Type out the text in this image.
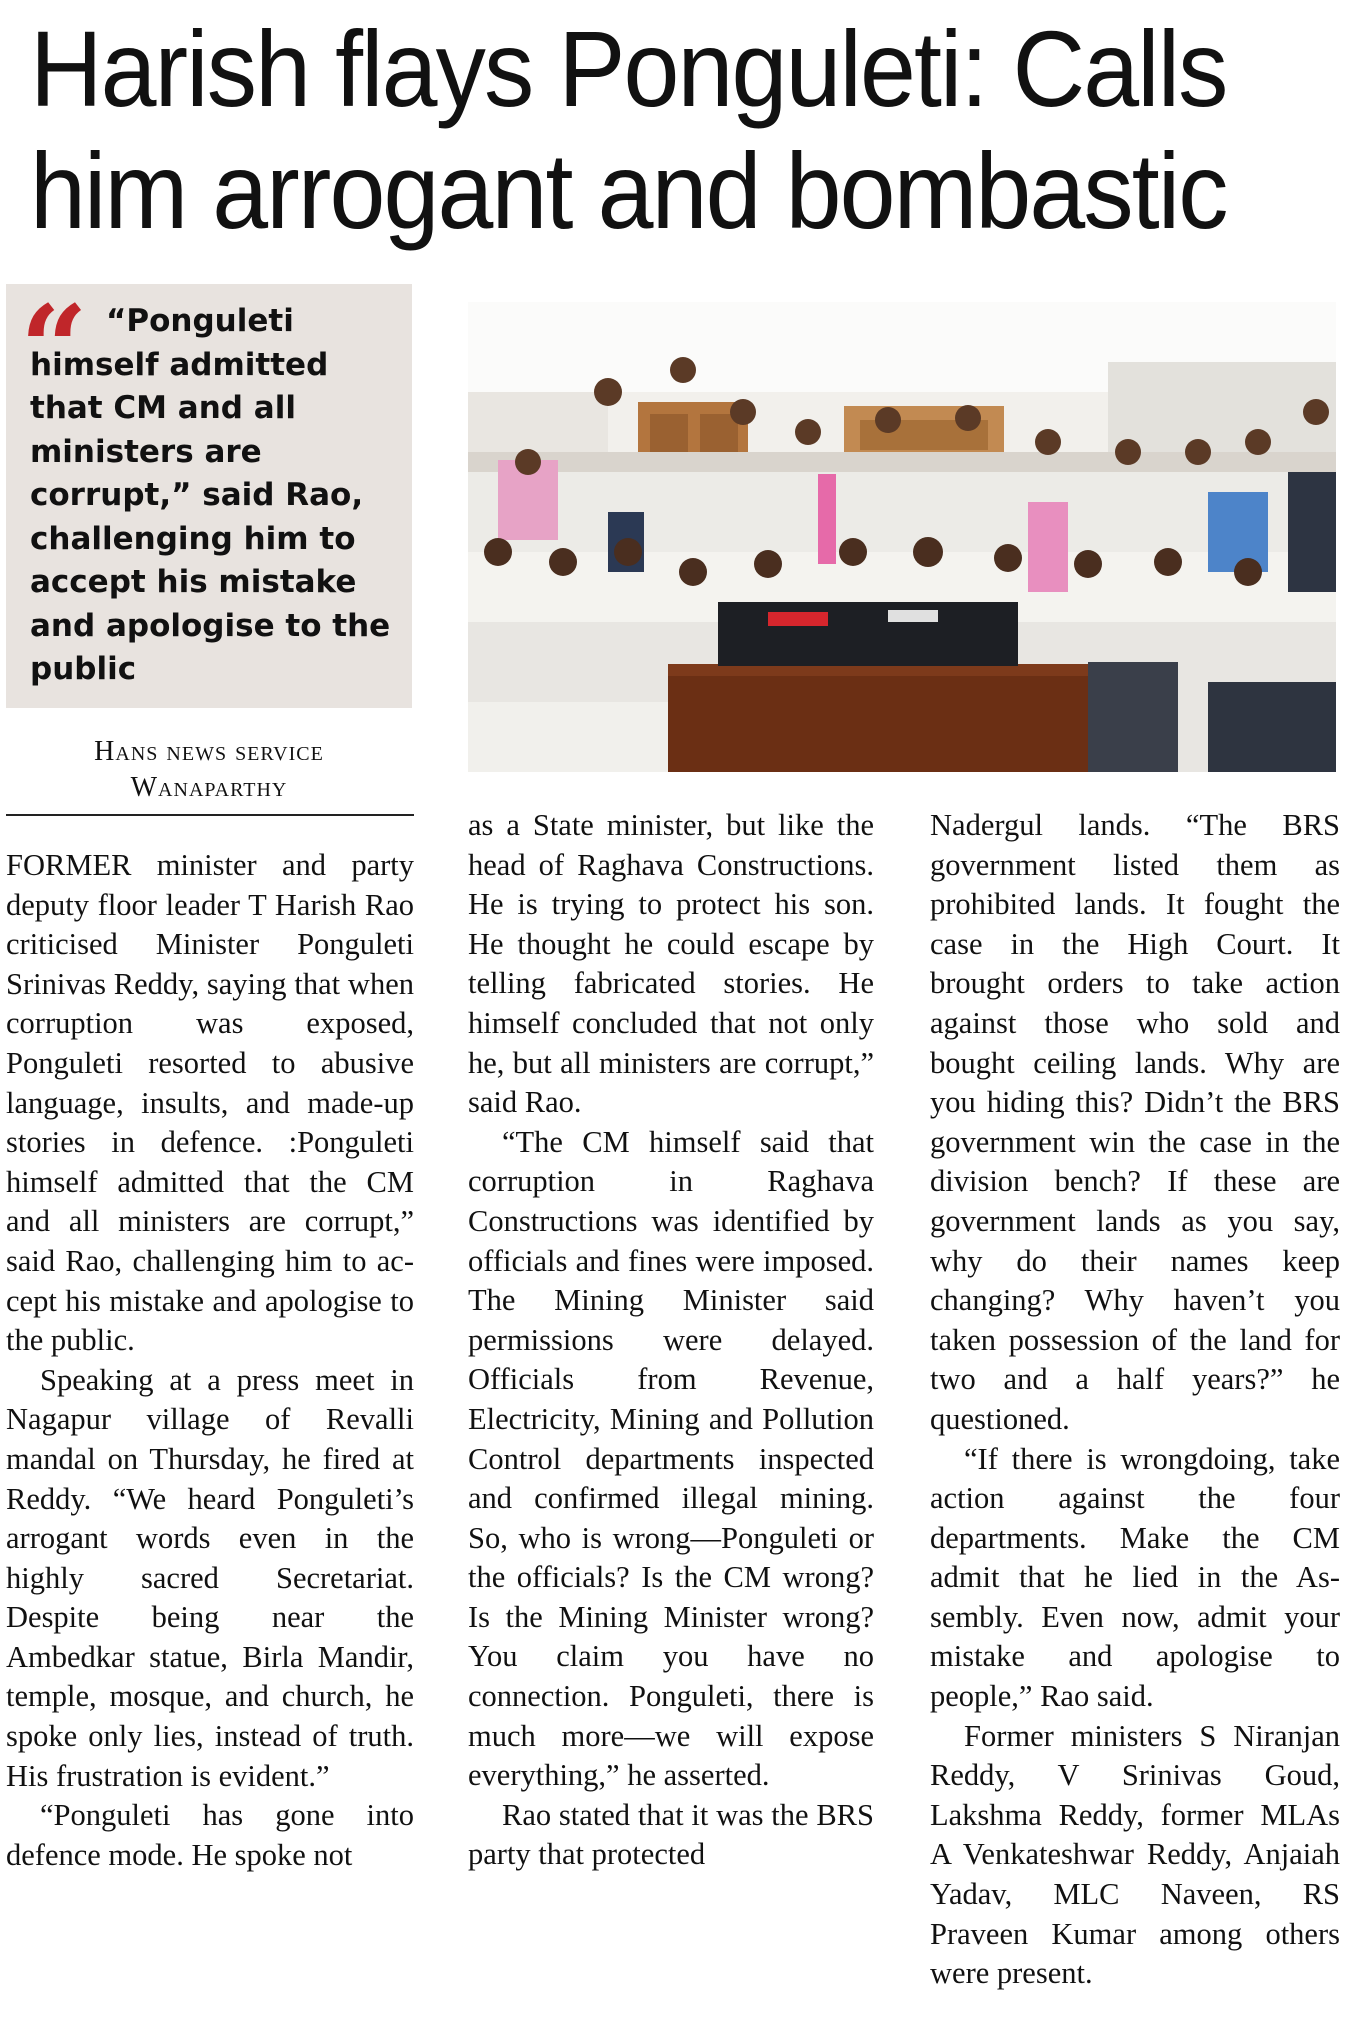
Harish flays Ponguleti: Calls him arrogant and bombastic
“ “Ponguleti himself admitted that CM and all ministers are corrupt,” said Rao, challenging him to accept his mistake and apologise to the public

Hans news service
Wanaparthy

FORMER minister and party deputy floor leader T Harish Rao criticised Minister Ponguleti Srinivas Reddy, saying that when corruption was exposed, Ponguleti resorted to abusive language, insults, and made-up stories in defence. :Ponguleti himself admitted that the CM and all ministers are corrupt,” said Rao, challenging him to accept his mistake and apologise to the public.

Speaking at a press meet in Nagapur village of Revalli mandal on Thursday, he fired at Reddy. “We heard Ponguleti’s arrogant words even in the highly sacred Secretariat. Despite being near the Ambedkar statue, Birla Mandir, temple, mosque, and church, he spoke only lies, instead of truth. His frustration is evident.”

“Ponguleti has gone into defence mode. He spoke not

as a State minister, but like the head of Raghava Constructions. He is trying to protect his son. He thought he could escape by telling fabricated stories. He himself concluded that not only he, but all ministers are corrupt,” said Rao.

“The CM himself said that corruption in Raghava Constructions was identified by officials and fines were imposed. The Mining Minister said permissions were delayed. Officials from Revenue, Electricity, Mining and Pollution Control departments inspected and confirmed illegal mining. So, who is wrong—Ponguleti or the officials? Is the CM wrong? Is the Mining Minister wrong? You claim you have no connection. Ponguleti, there is much more—we will expose everything,” he asserted.

Rao stated that it was the BRS party that protected

Nadergul lands. “The BRS government listed them as prohibited lands. It fought the case in the High Court. It brought orders to take action against those who sold and bought ceiling lands. Why are you hiding this? Didn’t the BRS government win the case in the division bench? If these are government lands as you say, why do their names keep changing? Why haven’t you taken possession of the land for two and a half years?” he questioned.

“If there is wrongdoing, take action against the four departments. Make the CM admit that he lied in the Assembly. Even now, admit your mistake and apologise to people,” Rao said.

Former ministers S Niranjan Reddy, V Srinivas Goud, Lakshma Reddy, former MLAs A Venkateshwar Reddy, Anjaiah Yadav, MLC Naveen, RS Praveen Kumar among others were present.
